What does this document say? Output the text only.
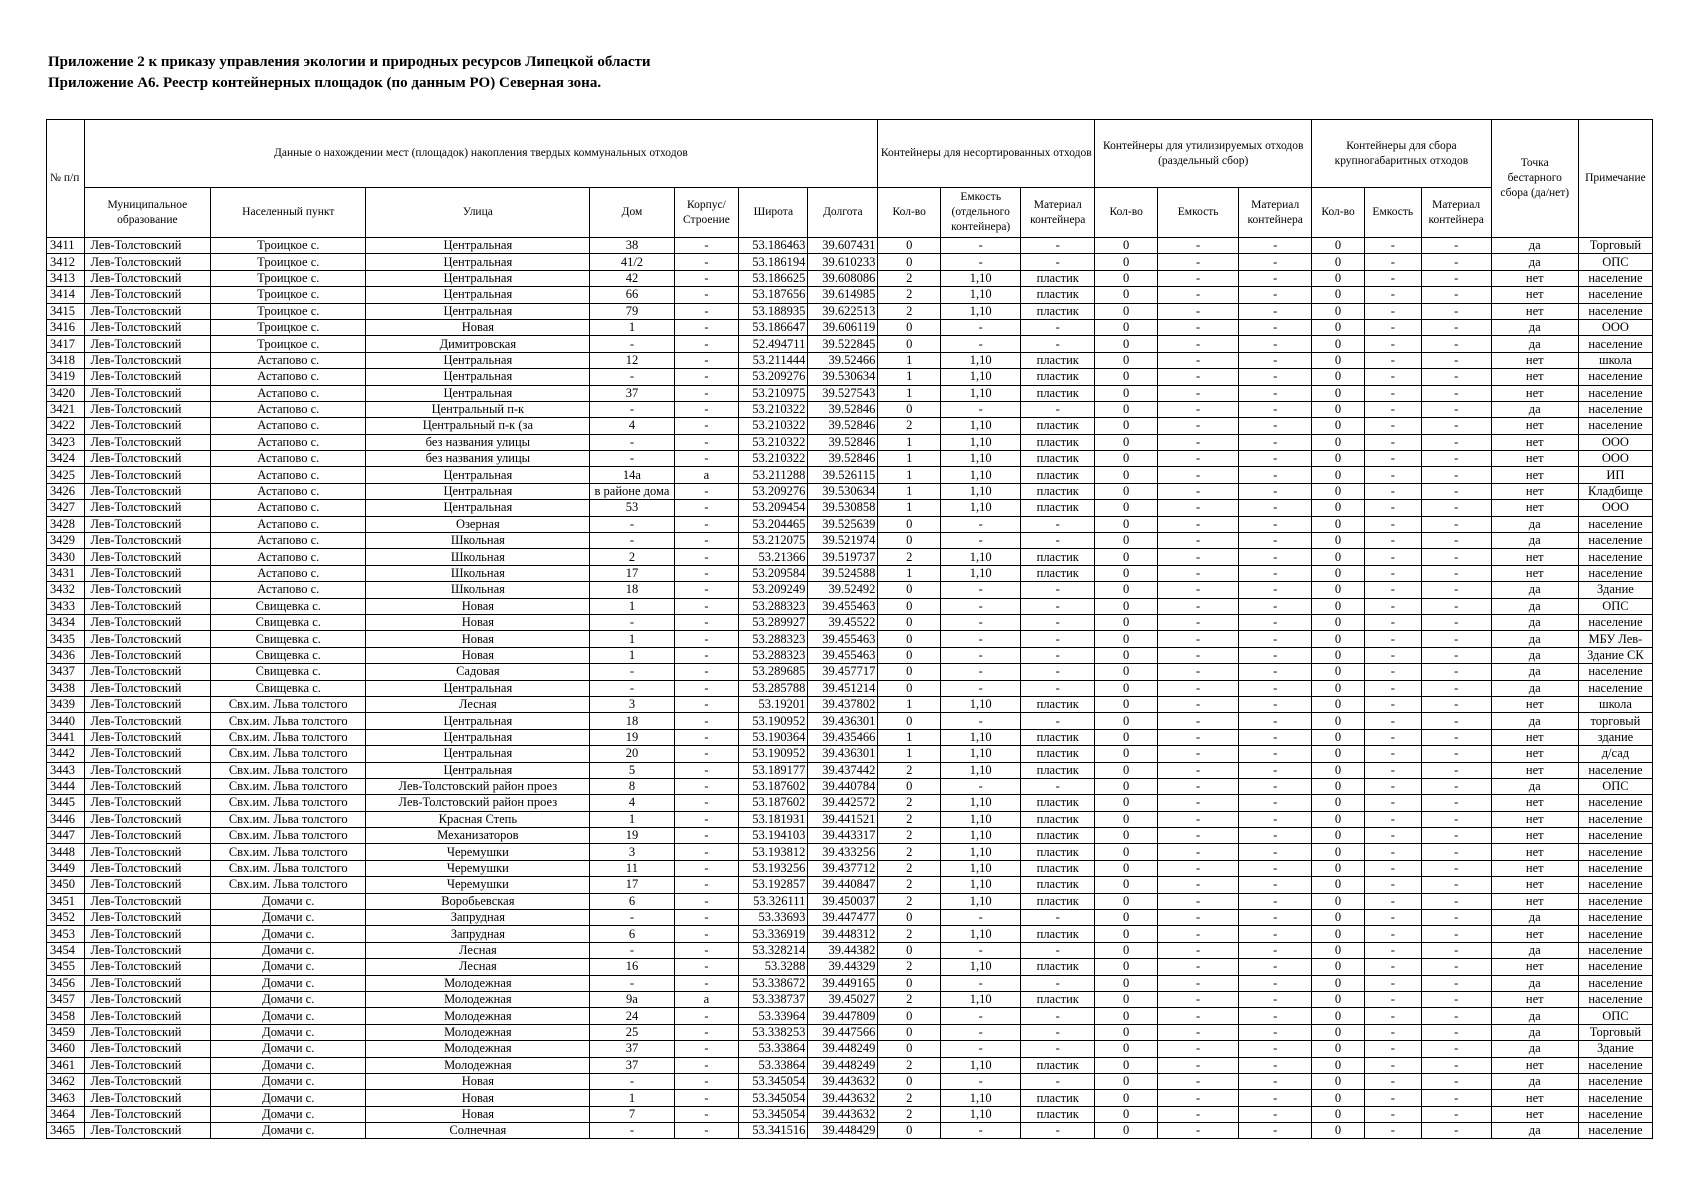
Приложение 2 к приказу управления экологии и природных ресурсов Липецкой области
Приложение А6. Реестр контейнерных площадок (по данным РО) Северная зона.
№ п/п	Данные о нахождении мест (площадок) накопления твердых коммунальных отходов							Контейнеры для несортированных отходов			Контейнеры для утилизируемых отходов (раздельный сбор)			Контейнеры для сбора крупногабаритных отходов			Точка бестарного сбора (да/нет)	Примечание
	Муниципальное образование	Населенный пункт	Улица	Дом	Корпус/ Строение	Широта	Долгота	Кол-во	Емкость (отдельного контейнера)	Материал контейнера	Кол-во	Емкость	Материал контейнера	Кол-во	Емкость	Материал контейнера		
3411	Лев-Толстовский	Троицкое с.	Центральная	38	-	53.186463	39.607431	0	-	-	0	-	-	0	-	-	да	Торговый
3412	Лев-Толстовский	Троицкое с.	Центральная	41/2	-	53.186194	39.610233	0	-	-	0	-	-	0	-	-	да	ОПС
3413	Лев-Толстовский	Троицкое с.	Центральная	42	-	53.186625	39.608086	2	1,10	пластик	0	-	-	0	-	-	нет	население
3414	Лев-Толстовский	Троицкое с.	Центральная	66	-	53.187656	39.614985	2	1,10	пластик	0	-	-	0	-	-	нет	население
3415	Лев-Толстовский	Троицкое с.	Центральная	79	-	53.188935	39.622513	2	1,10	пластик	0	-	-	0	-	-	нет	население
3416	Лев-Толстовский	Троицкое с.	Новая	1	-	53.186647	39.606119	0	-	-	0	-	-	0	-	-	да	ООО
3417	Лев-Толстовский	Троицкое с.	Димитровская	-	-	52.494711	39.522845	0	-	-	0	-	-	0	-	-	да	население
3418	Лев-Толстовский	Астапово с.	Центральная	12	-	53.211444	39.52466	1	1,10	пластик	0	-	-	0	-	-	нет	школа
3419	Лев-Толстовский	Астапово с.	Центральная	-	-	53.209276	39.530634	1	1,10	пластик	0	-	-	0	-	-	нет	население
3420	Лев-Толстовский	Астапово с.	Центральная	37	-	53.210975	39.527543	1	1,10	пластик	0	-	-	0	-	-	нет	население
3421	Лев-Толстовский	Астапово с.	Центральный п-к	-	-	53.210322	39.52846	0	-	-	0	-	-	0	-	-	да	население
3422	Лев-Толстовский	Астапово с.	Центральный п-к (за	4	-	53.210322	39.52846	2	1,10	пластик	0	-	-	0	-	-	нет	население
3423	Лев-Толстовский	Астапово с.	без названия улицы	-	-	53.210322	39.52846	1	1,10	пластик	0	-	-	0	-	-	нет	ООО
3424	Лев-Толстовский	Астапово с.	без названия улицы	-	-	53.210322	39.52846	1	1,10	пластик	0	-	-	0	-	-	нет	ООО
3425	Лев-Толстовский	Астапово с.	Центральная	14а	а	53.211288	39.526115	1	1,10	пластик	0	-	-	0	-	-	нет	ИП
3426	Лев-Толстовский	Астапово с.	Центральная	в районе дома	-	53.209276	39.530634	1	1,10	пластик	0	-	-	0	-	-	нет	Кладбище
3427	Лев-Толстовский	Астапово с.	Центральная	53	-	53.209454	39.530858	1	1,10	пластик	0	-	-	0	-	-	нет	ООО
3428	Лев-Толстовский	Астапово с.	Озерная	-	-	53.204465	39.525639	0	-	-	0	-	-	0	-	-	да	население
3429	Лев-Толстовский	Астапово с.	Школьная	-	-	53.212075	39.521974	0	-	-	0	-	-	0	-	-	да	население
3430	Лев-Толстовский	Астапово с.	Школьная	2	-	53.21366	39.519737	2	1,10	пластик	0	-	-	0	-	-	нет	население
3431	Лев-Толстовский	Астапово с.	Школьная	17	-	53.209584	39.524588	1	1,10	пластик	0	-	-	0	-	-	нет	население
3432	Лев-Толстовский	Астапово с.	Школьная	18	-	53.209249	39.52492	0	-	-	0	-	-	0	-	-	да	Здание
3433	Лев-Толстовский	Свищевка с.	Новая	1	-	53.288323	39.455463	0	-	-	0	-	-	0	-	-	да	ОПС
3434	Лев-Толстовский	Свищевка с.	Новая	-	-	53.289927	39.45522	0	-	-	0	-	-	0	-	-	да	население
3435	Лев-Толстовский	Свищевка с.	Новая	1	-	53.288323	39.455463	0	-	-	0	-	-	0	-	-	да	МБУ Лев-
3436	Лев-Толстовский	Свищевка с.	Новая	1	-	53.288323	39.455463	0	-	-	0	-	-	0	-	-	да	Здание СК
3437	Лев-Толстовский	Свищевка с.	Садовая	-	-	53.289685	39.457717	0	-	-	0	-	-	0	-	-	да	население
3438	Лев-Толстовский	Свищевка с.	Центральная	-	-	53.285788	39.451214	0	-	-	0	-	-	0	-	-	да	население
3439	Лев-Толстовский	Свх.им. Льва толстого	Лесная	3	-	53.19201	39.437802	1	1,10	пластик	0	-	-	0	-	-	нет	школа
3440	Лев-Толстовский	Свх.им. Льва толстого	Центральная	18	-	53.190952	39.436301	0	-	-	0	-	-	0	-	-	да	торговый
3441	Лев-Толстовский	Свх.им. Льва толстого	Центральная	19	-	53.190364	39.435466	1	1,10	пластик	0	-	-	0	-	-	нет	здание
3442	Лев-Толстовский	Свх.им. Льва толстого	Центральная	20	-	53.190952	39.436301	1	1,10	пластик	0	-	-	0	-	-	нет	д/сад
3443	Лев-Толстовский	Свх.им. Льва толстого	Центральная	5	-	53.189177	39.437442	2	1,10	пластик	0	-	-	0	-	-	нет	население
3444	Лев-Толстовский	Свх.им. Льва толстого	Лев-Толстовский район проез	8	-	53.187602	39.440784	0	-	-	0	-	-	0	-	-	да	ОПС
3445	Лев-Толстовский	Свх.им. Льва толстого	Лев-Толстовский район проез	4	-	53.187602	39.442572	2	1,10	пластик	0	-	-	0	-	-	нет	население
3446	Лев-Толстовский	Свх.им. Льва толстого	Красная Степь	1	-	53.181931	39.441521	2	1,10	пластик	0	-	-	0	-	-	нет	население
3447	Лев-Толстовский	Свх.им. Льва толстого	Механизаторов	19	-	53.194103	39.443317	2	1,10	пластик	0	-	-	0	-	-	нет	население
3448	Лев-Толстовский	Свх.им. Льва толстого	Черемушки	3	-	53.193812	39.433256	2	1,10	пластик	0	-	-	0	-	-	нет	население
3449	Лев-Толстовский	Свх.им. Льва толстого	Черемушки	11	-	53.193256	39.437712	2	1,10	пластик	0	-	-	0	-	-	нет	население
3450	Лев-Толстовский	Свх.им. Льва толстого	Черемушки	17	-	53.192857	39.440847	2	1,10	пластик	0	-	-	0	-	-	нет	население
3451	Лев-Толстовский	Домачи с.	Воробьевская	6	-	53.326111	39.450037	2	1,10	пластик	0	-	-	0	-	-	нет	население
3452	Лев-Толстовский	Домачи с.	Запрудная	-	-	53.33693	39.447477	0	-	-	0	-	-	0	-	-	да	население
3453	Лев-Толстовский	Домачи с.	Запрудная	6	-	53.336919	39.448312	2	1,10	пластик	0	-	-	0	-	-	нет	население
3454	Лев-Толстовский	Домачи с.	Лесная	-	-	53.328214	39.44382	0	-	-	0	-	-	0	-	-	да	население
3455	Лев-Толстовский	Домачи с.	Лесная	16	-	53.3288	39.44329	2	1,10	пластик	0	-	-	0	-	-	нет	население
3456	Лев-Толстовский	Домачи с.	Молодежная	-	-	53.338672	39.449165	0	-	-	0	-	-	0	-	-	да	население
3457	Лев-Толстовский	Домачи с.	Молодежная	9а	а	53.338737	39.45027	2	1,10	пластик	0	-	-	0	-	-	нет	население
3458	Лев-Толстовский	Домачи с.	Молодежная	24	-	53.33964	39.447809	0	-	-	0	-	-	0	-	-	да	ОПС
3459	Лев-Толстовский	Домачи с.	Молодежная	25	-	53.338253	39.447566	0	-	-	0	-	-	0	-	-	да	Торговый
3460	Лев-Толстовский	Домачи с.	Молодежная	37	-	53.33864	39.448249	0	-	-	0	-	-	0	-	-	да	Здание
3461	Лев-Толстовский	Домачи с.	Молодежная	37	-	53.33864	39.448249	2	1,10	пластик	0	-	-	0	-	-	нет	население
3462	Лев-Толстовский	Домачи с.	Новая	-	-	53.345054	39.443632	0	-	-	0	-	-	0	-	-	да	население
3463	Лев-Толстовский	Домачи с.	Новая	1	-	53.345054	39.443632	2	1,10	пластик	0	-	-	0	-	-	нет	население
3464	Лев-Толстовский	Домачи с.	Новая	7	-	53.345054	39.443632	2	1,10	пластик	0	-	-	0	-	-	нет	население
3465	Лев-Толстовский	Домачи с.	Солнечная	-	-	53.341516	39.448429	0	-	-	0	-	-	0	-	-	да	население
